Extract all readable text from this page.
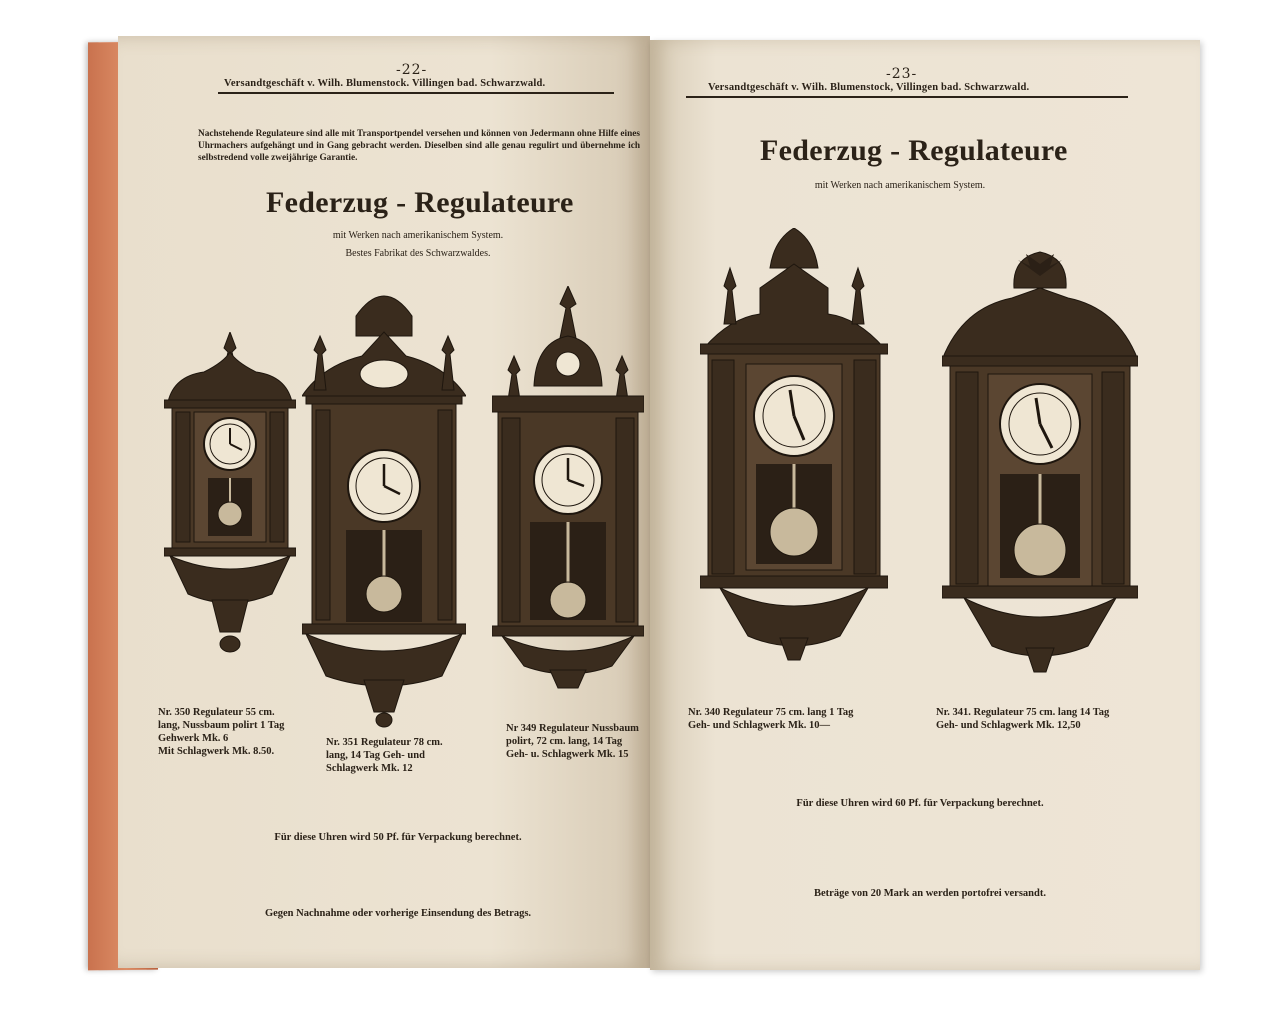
-22-
Versandtgeschäft v. Wilh. Blumenstock. Villingen bad. Schwarzwald.
Nachstehende Regulateure sind alle mit Transportpendel versehen und können von Jedermann ohne Hilfe eines Uhrmachers aufgehängt und in Gang gebracht werden. Dieselben sind alle genau regulirt und übernehme ich selbstredend volle zweijährige Garantie.
Federzug - Regulateure
mit Werken nach amerikanischem System.
Bestes Fabrikat des Schwarzwaldes.
Nr. 350 Regulateur 55 cm.
lang, Nussbaum polirt 1 Tag
Gehwerk Mk. 6
Mit Schlagwerk Mk. 8.50.
Nr. 351 Regulateur 78 cm.
lang, 14 Tag Geh- und
Schlagwerk Mk. 12
Nr 349 Regulateur Nussbaum
polirt, 72 cm. lang, 14 Tag
Geh- u. Schlagwerk Mk. 15
Für diese Uhren wird 50 Pf. für Verpackung berechnet.
Gegen Nachnahme oder vorherige Einsendung des Betrags.
-23-
Versandtgeschäft v. Wilh. Blumenstock, Villingen bad. Schwarzwald.
Federzug - Regulateure
mit Werken nach amerikanischem System.
Nr. 340 Regulateur 75 cm. lang 1 Tag
Geh- und Schlagwerk Mk. 10—
Nr. 341. Regulateur 75 cm. lang 14 Tag
Geh- und Schlagwerk Mk. 12,50
Für diese Uhren wird 60 Pf. für Verpackung berechnet.
Beträge von 20 Mark an werden portofrei versandt.
